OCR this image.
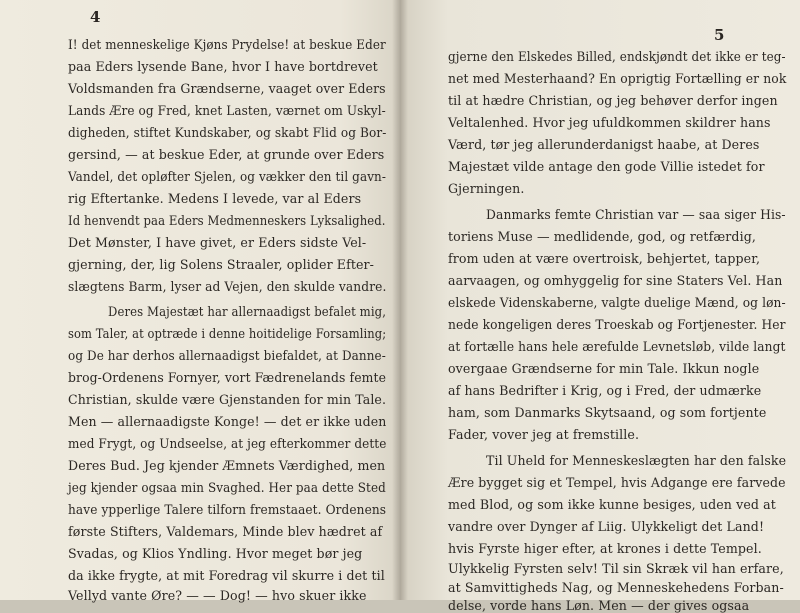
4
I! det menneskelige Kjøns Prydelse! at beskue Eder
paa Eders lysende Bane, hvor I have bortdrevet
Voldsmanden fra Grændserne, vaaget over Eders
Lands Ære og Fred, knet Lasten, værnet om Uskyl-
digheden, stiftet Kundskaber, og skabt Flid og Bor-
gersind, — at beskue Eder, at grunde over Eders
Vandel, det opløfter Sjelen, og vækker den til gavn-
rig Eftertanke. Medens I levede, var al Eders
Id henvendt paa Eders Medmenneskers Lyksalighed.
Det Mønster, I have givet, er Eders sidste Vel-
gjerning, der, lig Solens Straaler, oplider Efter-
slægtens Barm, lyser ad Vejen, den skulde vandre.
Deres Majestæt har allernaadigst befalet mig,
som Taler, at optræde i denne hoitidelige Forsamling;
og De har derhos allernaadigst biefaldet, at Danne-
brog-Ordenens Fornyer, vort Fædrenelands femte
Christian, skulde være Gjenstanden for min Tale.
Men — allernaadigste Konge! — det er ikke uden
med Frygt, og Undseelse, at jeg efterkommer dette
Deres Bud. Jeg kjender Æmnets Værdighed, men
jeg kjender ogsaa min Svaghed. Her paa dette Sted
have ypperlige Talere tilforn fremstaaet. Ordenens
første Stifters, Valdemars, Minde blev hædret af
Svadas, og Klios Yndling. Hvor meget bør jeg
da ikke frygte, at mit Foredrag vil skurre i det til
Vellyd vante Øre? — — Dog! — hvo skuer ikke
5
gjerne den Elskedes Billed, endskjøndt det ikke er teg-
net med Mesterhaand? En oprigtig Fortælling er nok
til at hædre Christian, og jeg behøver derfor ingen
Veltalenhed. Hvor jeg ufuldkommen skildrer hans
Værd, tør jeg allerunderdanigst haabe, at Deres
Majestæt vilde antage den gode Villie istedet for
Gjerningen.
Danmarks femte Christian var — saa siger His-
toriens Muse — medlidende, god, og retfærdig,
from uden at være overtroisk, behjertet, tapper,
aarvaagen, og omhyggelig for sine Staters Vel. Han
elskede Videnskaberne, valgte duelige Mænd, og løn-
nede kongeligen deres Troeskab og Fortjenester. Her
at fortælle hans hele ærefulde Levnetsløb, vilde langt
overgaae Grændserne for min Tale. Ikkun nogle
af hans Bedrifter i Krig, og i Fred, der udmærke
ham, som Danmarks Skytsaand, og som fortjente
Fader, vover jeg at fremstille.
Til Uheld for Menneskeslægten har den falske
Ære bygget sig et Tempel, hvis Adgange ere farvede
med Blod, og som ikke kunne besiges, uden ved at
vandre over Dynger af Liig. Ulykkeligt det Land!
hvis Fyrste higer efter, at krones i dette Tempel.
Ulykkelig Fyrsten selv! Til sin Skræk vil han erfare,
at Samvittigheds Nag, og Menneskehedens Forban-
delse, vorde hans Løn. Men — der gives ogsaa
